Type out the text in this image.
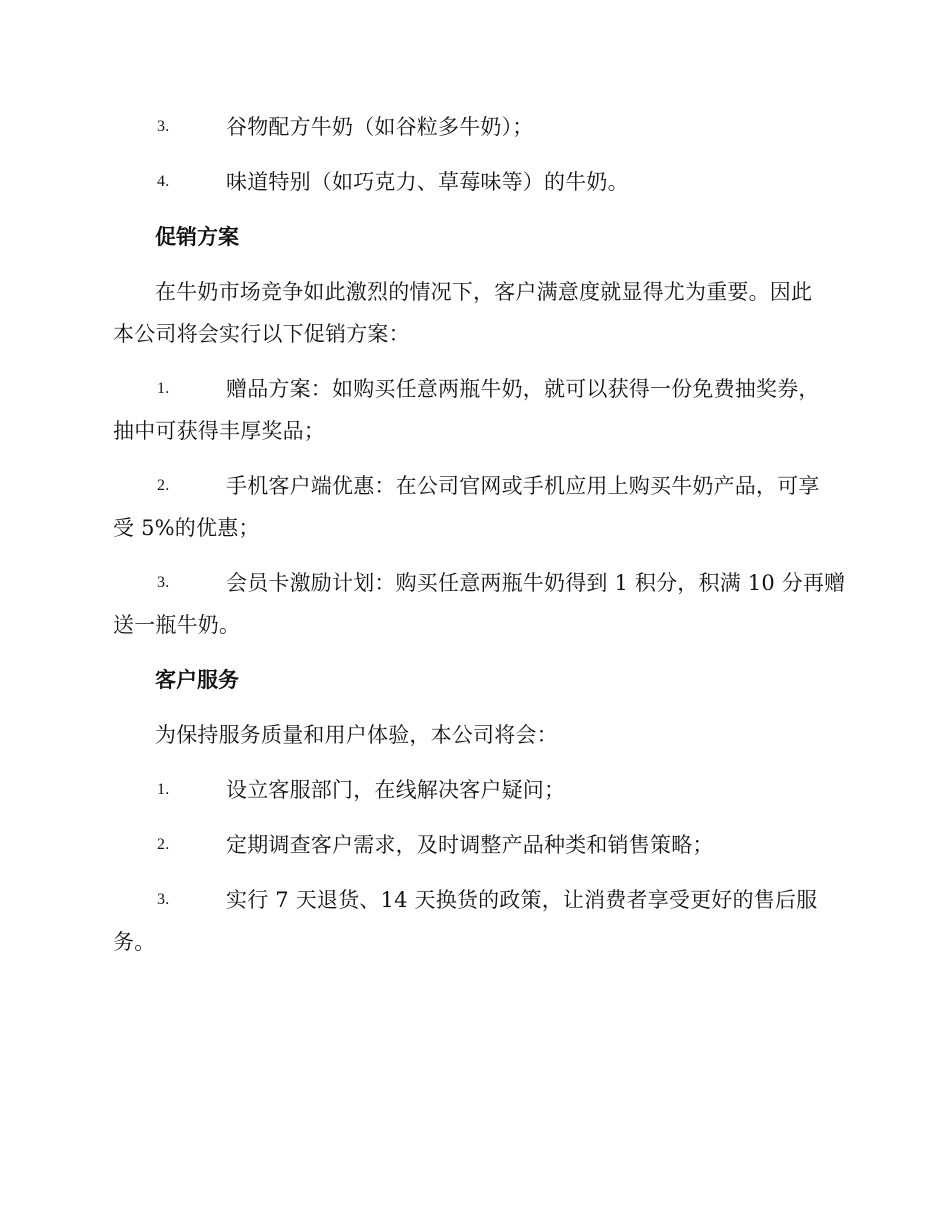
3.	谷物配方牛奶（如谷粒多牛奶）；
4.	味道特别（如巧克力、草莓味等）的牛奶。
促销方案
在牛奶市场竞争如此激烈的情况下，客户满意度就显得尤为重要。因此
本公司将会实行以下促销方案：
1.	赠品方案：如购买任意两瓶牛奶，就可以获得一份免费抽奖券，
抽中可获得丰厚奖品；
2.	手机客户端优惠：在公司官网或手机应用上购买牛奶产品，可享
受 5%的优惠；
3.	会员卡激励计划：购买任意两瓶牛奶得到 1 积分，积满 10 分再赠
送一瓶牛奶。
客户服务
为保持服务质量和用户体验，本公司将会：
1.	设立客服部门，在线解决客户疑问；
2.	定期调查客户需求，及时调整产品种类和销售策略；
3.	实行 7 天退货、14 天换货的政策，让消费者享受更好的售后服
务。
